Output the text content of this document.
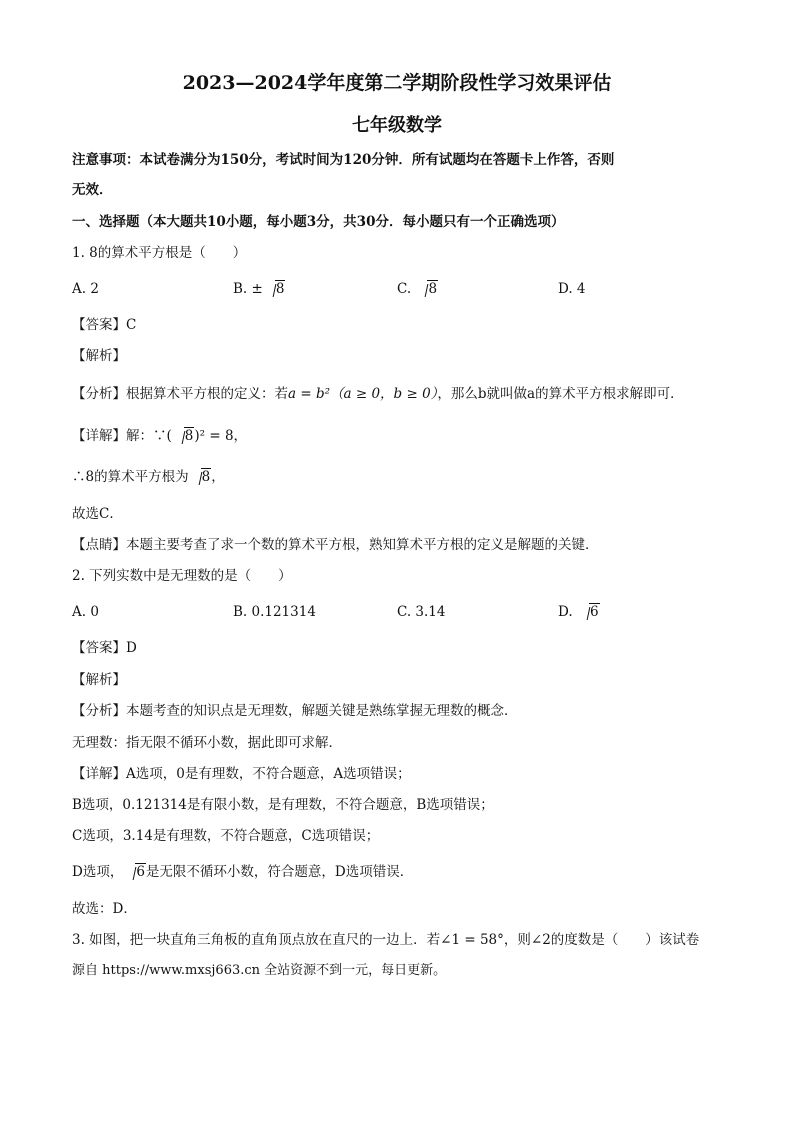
2023—2024学年度第二学期阶段性学习效果评估
七年级数学
注意事项：本试卷满分为150分，考试时间为120分钟．所有试题均在答题卡上作答，否则
无效．
一、选择题（本大题共10小题，每小题3分，共30分．每小题只有一个正确选项）
1. 8的算术平方根是（　　）
A. 2	B. ± 8	C. 8	D. 4
【答案】C
【解析】
【分析】根据算术平方根的定义：若a = b²（a ≥ 0，b ≥ 0），那么b就叫做a的算术平方根求解即可．
【详解】解：∵( 8)² = 8，
∴8的算术平方根为 8，
故选C．
【点睛】本题主要考查了求一个数的算术平方根，熟知算术平方根的定义是解题的关键．
2. 下列实数中是无理数的是（　　）
A. 0	B. 0.121314	C. 3.14	D. 6
【答案】D
【解析】
【分析】本题考查的知识点是无理数，解题关键是熟练掌握无理数的概念．
无理数：指无限不循环小数，据此即可求解．
【详解】A选项，0是有理数，不符合题意，A选项错误；
B选项，0.121314是有限小数，是有理数，不符合题意，B选项错误；
C选项，3.14是有理数，不符合题意，C选项错误；
D选项， 6是无限不循环小数，符合题意，D选项错误．
故选：D．
3. 如图，把一块直角三角板的直角顶点放在直尺的一边上．若∠1 = 58°，则∠2的度数是（　　）该试卷
源自 https://www.mxsj663.cn 全站资源不到一元，每日更新。
